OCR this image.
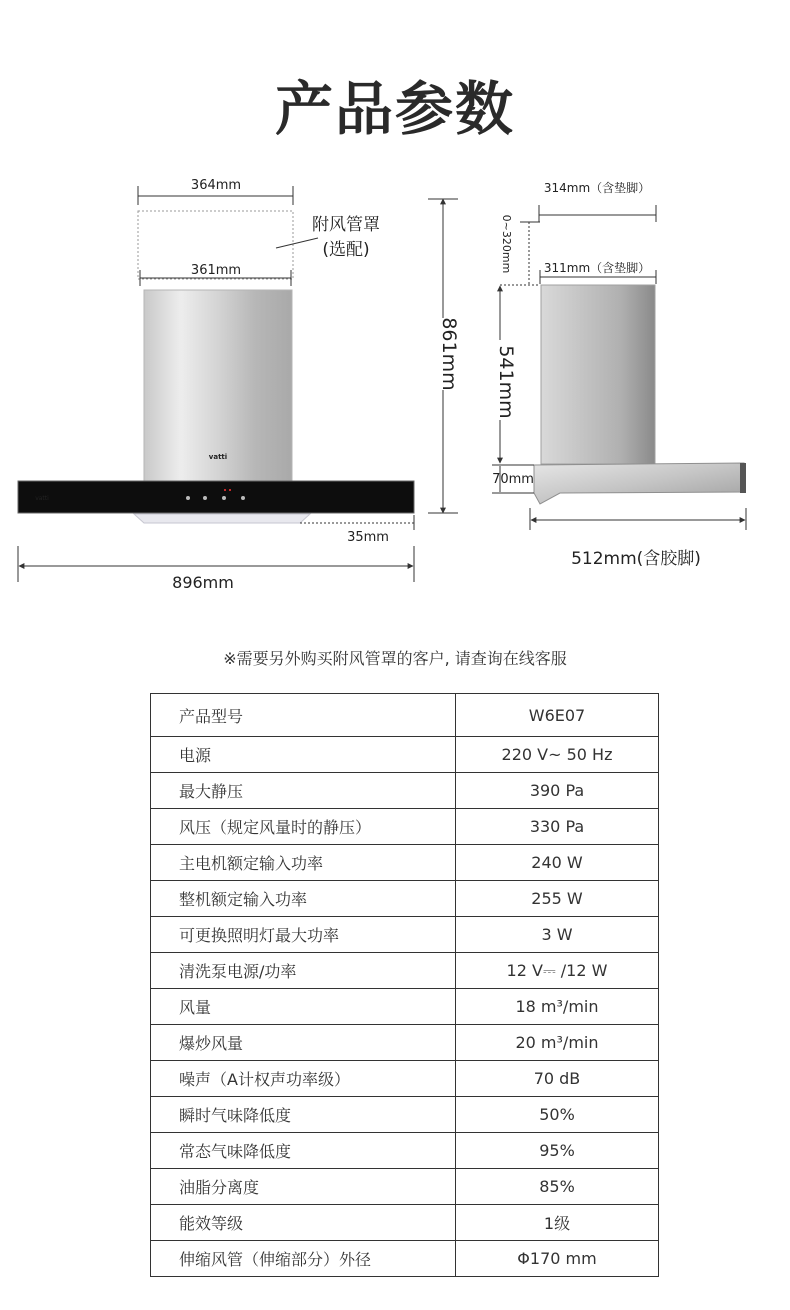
产品参数
364mm
附风管罩
(选配)
361mm
vatti
vatti
35mm
861mm
896mm
314mm（含垫脚）
0~320mm	311mm（含垫脚）
541mm
70mm
512mm(含胶脚)
※需要另外购买附风管罩的客户, 请查询在线客服
产品型号	W6E07
电源	220 V~ 50 Hz
最大静压	390 Pa
风压（规定风量时的静压）	330 Pa
主电机额定输入功率	240 W
整机额定输入功率	255 W
可更换照明灯最大功率	3 W
清洗泵电源/功率	12 V⎓ /12 W
风量	18 m³/min
爆炒风量	20 m³/min
噪声（A计权声功率级）	70 dB
瞬时气味降低度	50%
常态气味降低度	95%
油脂分离度	85%
能效等级	1级
伸缩风管（伸缩部分）外径	Φ170 mm
